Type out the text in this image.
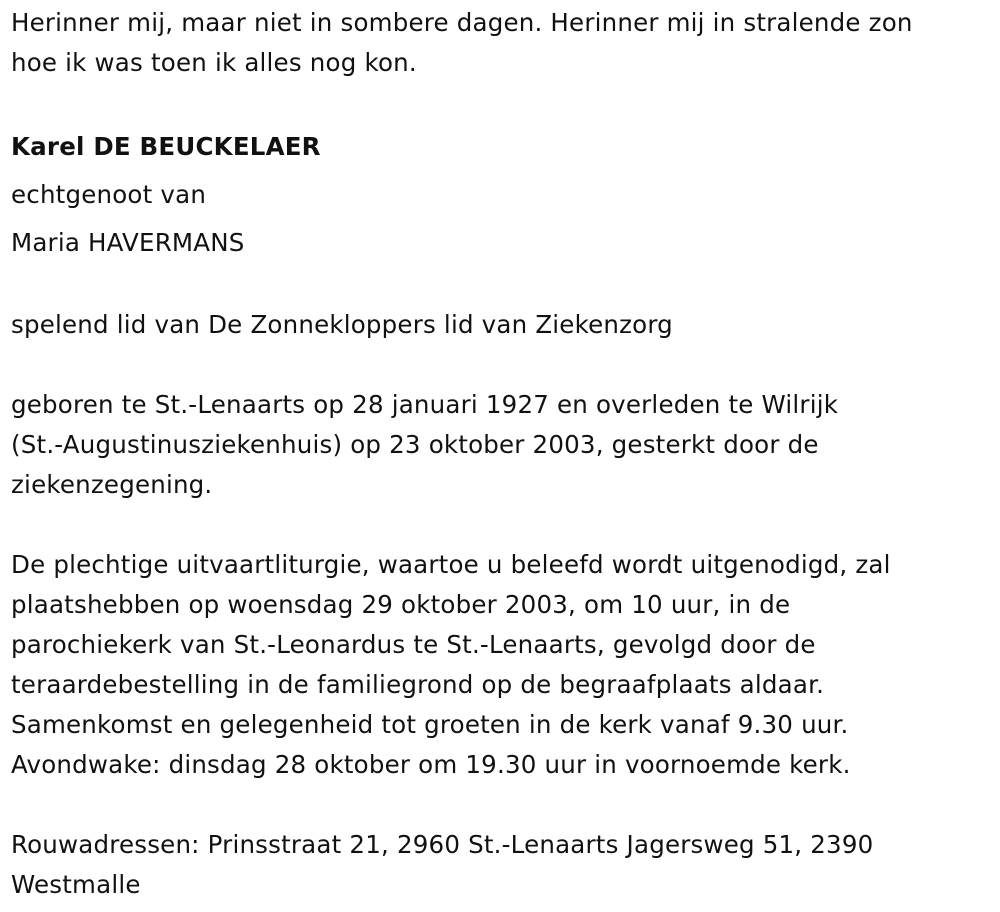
Herinner mij, maar niet in sombere dagen. Herinner mij in stralende zon
hoe ik was toen ik alles nog kon.
Karel DE BEUCKELAER
echtgenoot van
Maria HAVERMANS
spelend lid van De Zonnekloppers lid van Ziekenzorg
geboren te St.-Lenaarts op 28 januari 1927 en overleden te Wilrijk
(St.-Augustinusziekenhuis) op 23 oktober 2003, gesterkt door de
ziekenzegening.
De plechtige uitvaartliturgie, waartoe u beleefd wordt uitgenodigd, zal
plaatshebben op woensdag 29 oktober 2003, om 10 uur, in de
parochiekerk van St.-Leonardus te St.-Lenaarts, gevolgd door de
teraardebestelling in de familiegrond op de begraafplaats aldaar.
Samenkomst en gelegenheid tot groeten in de kerk vanaf 9.30 uur.
Avondwake: dinsdag 28 oktober om 19.30 uur in voornoemde kerk.
Rouwadressen: Prinsstraat 21, 2960 St.-Lenaarts Jagersweg 51, 2390
Westmalle
